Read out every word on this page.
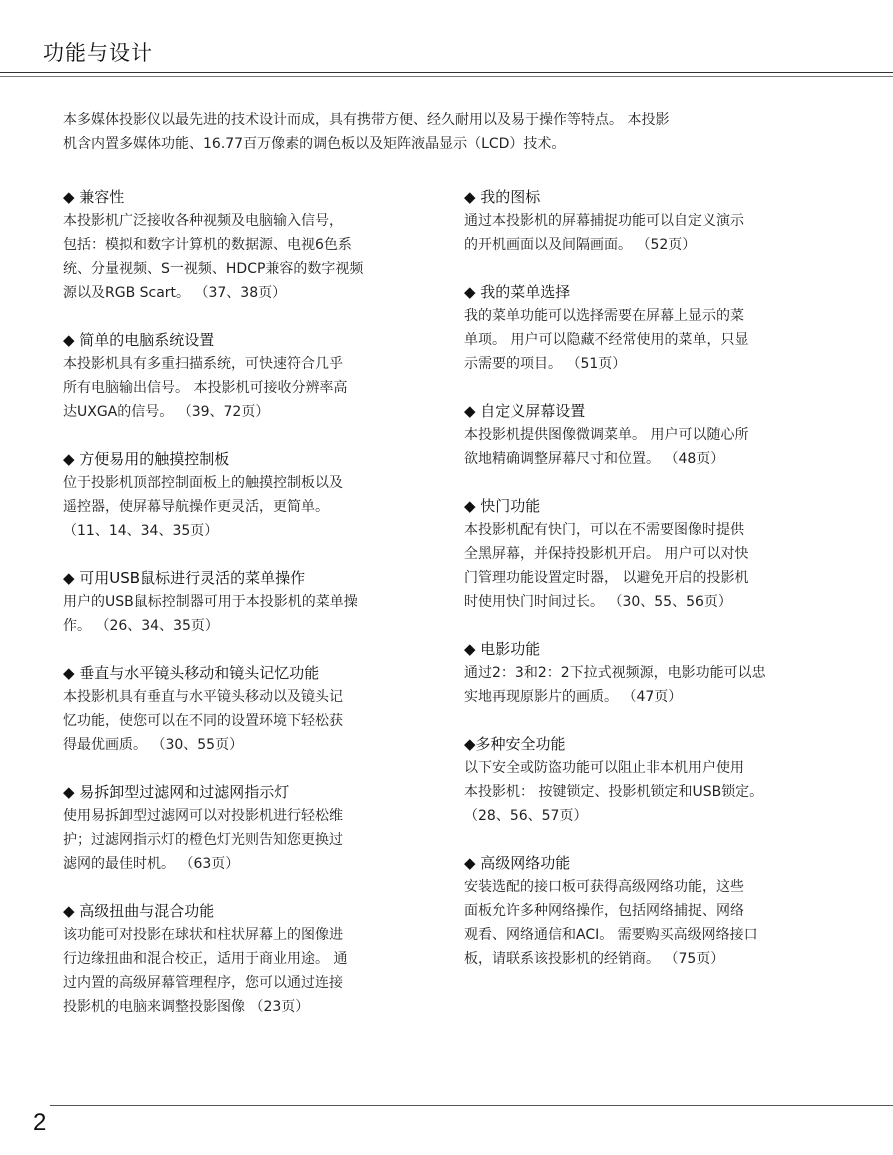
功能与设计

本多媒体投影仪以最先进的技术设计而成，具有携带方便、经久耐用以及易于操作等特点。 本投影

机含内置多媒体功能、16.77百万像素的调色板以及矩阵液晶显示（LCD）技术。

◆ 兼容性
本投影机广泛接收各种视频及电脑输入信号，
包括：模拟和数字计算机的数据源、电视6色系
统、分量视频、S一视频、HDCP兼容的数字视频
源以及RGB Scart。 （37、38页）
◆ 简单的电脑系统设置
本投影机具有多重扫描系统，可快速符合几乎
所有电脑输出信号。 本投影机可接收分辨率高
达UXGA的信号。 （39、72页）
◆ 方便易用的触摸控制板
位于投影机顶部控制面板上的触摸控制板以及
遥控器，使屏幕导航操作更灵活，更简单。
（11、14、34、35页）
◆ 可用USB鼠标进行灵活的菜单操作
用户的USB鼠标控制器可用于本投影机的菜单操
作。 （26、34、35页）
◆ 垂直与水平镜头移动和镜头记忆功能
本投影机具有垂直与水平镜头移动以及镜头记
忆功能，使您可以在不同的设置环境下轻松获
得最优画质。 （30、55页）
◆ 易拆卸型过滤网和过滤网指示灯
使用易拆卸型过滤网可以对投影机进行轻松维
护；过滤网指示灯的橙色灯光则告知您更换过
滤网的最佳时机。 （63页）
◆ 高级扭曲与混合功能
该功能可对投影在球状和柱状屏幕上的图像进
行边缘扭曲和混合校正，适用于商业用途。 通
过内置的高级屏幕管理程序，您可以通过连接
投影机的电脑来调整投影图像 （23页）
◆ 我的图标
通过本投影机的屏幕捕捉功能可以自定义演示
的开机画面以及间隔画面。 （52页）
◆ 我的菜单选择
我的菜单功能可以选择需要在屏幕上显示的菜
单项。 用户可以隐藏不经常使用的菜单，只显
示需要的项目。 （51页）
◆ 自定义屏幕设置
本投影机提供图像微调菜单。 用户可以随心所
欲地精确调整屏幕尺寸和位置。 （48页）
◆ 快门功能
本投影机配有快门，可以在不需要图像时提供
全黑屏幕，并保持投影机开启。 用户可以对快
门管理功能设置定时器， 以避免开启的投影机
时使用快门时间过长。 （30、55、56页）
◆ 电影功能
通过2：3和2：2下拉式视频源，电影功能可以忠
实地再现原影片的画质。 （47页）
◆多种安全功能
以下安全或防盗功能可以阻止非本机用户使用
本投影机： 按键锁定、投影机锁定和USB锁定。
（28、56、57页）
◆ 高级网络功能
安装选配的接口板可获得高级网络功能，这些
面板允许多种网络操作，包括网络捕捉、网络
观看、网络通信和ACI。 需要购买高级网络接口
板，请联系该投影机的经销商。 （75页）
2
